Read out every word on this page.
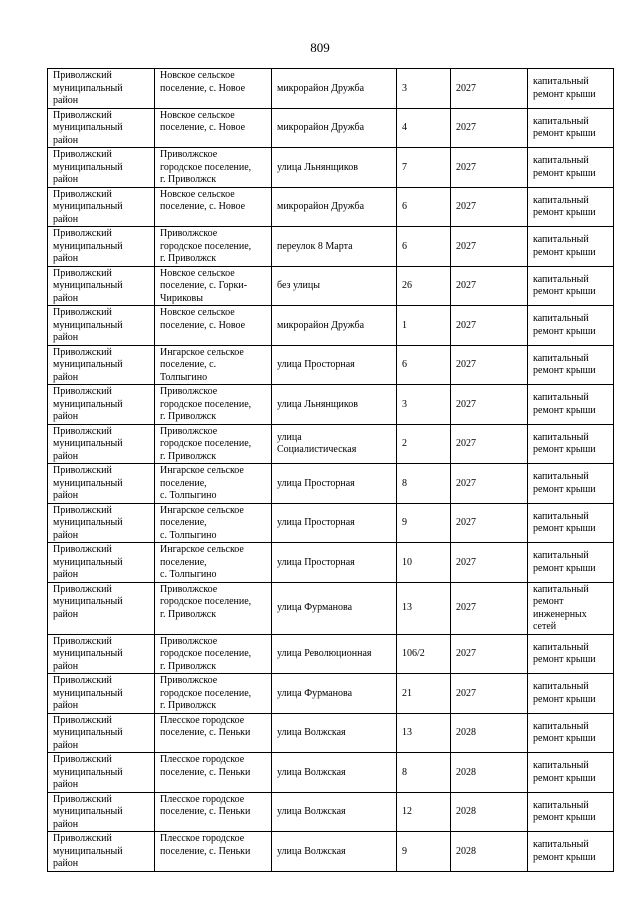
809
Приволжский
муниципальный
район	Новское сельское
поселение, с. Новое	микрорайон Дружба	3	2027	капитальный
ремонт крыши

Приволжский
муниципальный
район	Новское сельское
поселение, с. Новое	микрорайон Дружба	4	2027	капитальный
ремонт крыши

Приволжский
муниципальный
район	Приволжское
городское поселение,
г. Приволжск	улица Льнянщиков	7	2027	капитальный
ремонт крыши

Приволжский
муниципальный
район	Новское сельское
поселение, с. Новое	микрорайон Дружба	6	2027	капитальный
ремонт крыши

Приволжский
муниципальный
район	Приволжское
городское поселение,
г. Приволжск	переулок 8 Марта	6	2027	капитальный
ремонт крыши

Приволжский
муниципальный
район	Новское сельское
поселение, с. Горки-
Чириковы	без улицы	26	2027	капитальный
ремонт крыши

Приволжский
муниципальный
район	Новское сельское
поселение, с. Новое	микрорайон Дружба	1	2027	капитальный
ремонт крыши

Приволжский
муниципальный
район	Ингарское сельское
поселение, с.
Толпыгино	улица Просторная	6	2027	капитальный
ремонт крыши

Приволжский
муниципальный
район	Приволжское
городское поселение,
г. Приволжск	улица Льнянщиков	3	2027	капитальный
ремонт крыши

Приволжский
муниципальный
район	Приволжское
городское поселение,
г. Приволжск	улица
Социалистическая	2	2027	капитальный
ремонт крыши

Приволжский
муниципальный
район	Ингарское сельское
поселение,
с. Толпыгино	улица Просторная	8	2027	капитальный
ремонт крыши

Приволжский
муниципальный
район	Ингарское сельское
поселение,
с. Толпыгино	улица Просторная	9	2027	капитальный
ремонт крыши

Приволжский
муниципальный
район	Ингарское сельское
поселение,
с. Толпыгино	улица Просторная	10	2027	капитальный
ремонт крыши

Приволжский
муниципальный
район	Приволжское
городское поселение,
г. Приволжск	улица Фурманова	13	2027	капитальный
ремонт
инженерных
сетей

Приволжский
муниципальный
район	Приволжское
городское поселение,
г. Приволжск	улица Революционная	106/2	2027	капитальный
ремонт крыши

Приволжский
муниципальный
район	Приволжское
городское поселение,
г. Приволжск	улица Фурманова	21	2027	капитальный
ремонт крыши

Приволжский
муниципальный
район	Плесское городское
поселение, с. Пеньки	улица Волжская	13	2028	капитальный
ремонт крыши

Приволжский
муниципальный
район	Плесское городское
поселение, с. Пеньки	улица Волжская	8	2028	капитальный
ремонт крыши

Приволжский
муниципальный
район	Плесское городское
поселение, с. Пеньки	улица Волжская	12	2028	капитальный
ремонт крыши

Приволжский
муниципальный
район	Плесское городское
поселение, с. Пеньки	улица Волжская	9	2028	капитальный
ремонт крыши
